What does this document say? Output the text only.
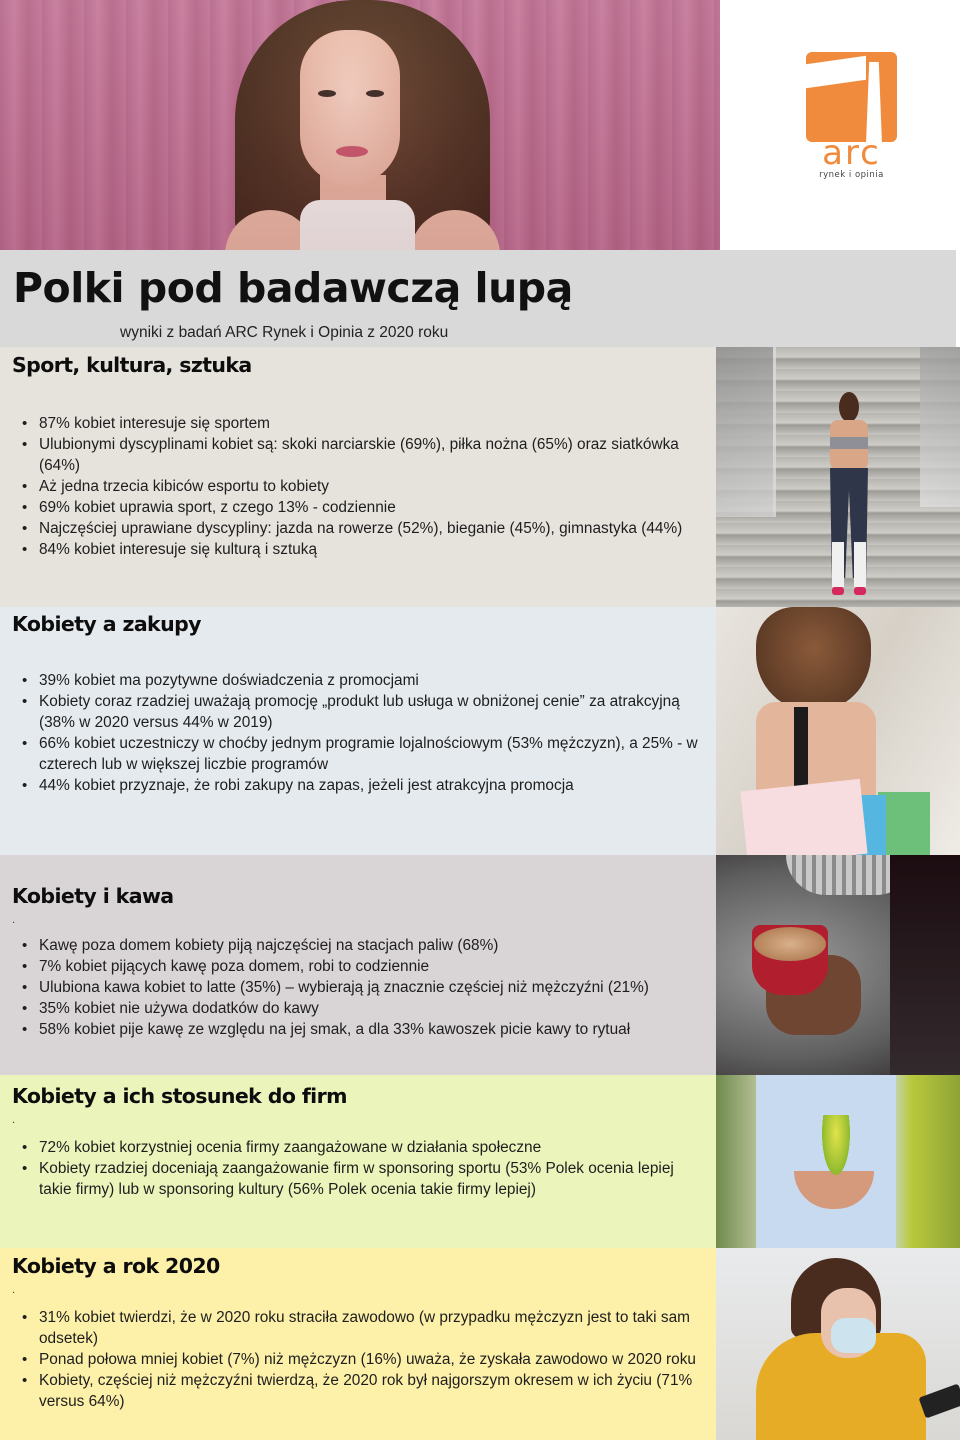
arc
rynek i opinia
Polki pod badawczą lupą
wyniki z badań ARC Rynek i Opinia z 2020 roku
Sport, kultura, sztuka
• 87% kobiet interesuje się sportem
• Ulubionymi dyscyplinami kobiet są: skoki narciarskie (69%), piłka nożna (65%) oraz siatkówka (64%)
• Aż jedna trzecia kibiców esportu to kobiety
• 69% kobiet uprawia sport, z czego 13% - codziennie
• Najczęściej uprawiane dyscypliny: jazda na rowerze (52%), bieganie (45%), gimnastyka (44%)
• 84% kobiet interesuje się kulturą i sztuką
Kobiety a zakupy
• 39% kobiet ma pozytywne doświadczenia z promocjami
• Kobiety coraz rzadziej uważają promocję „produkt lub usługa w obniżonej cenie” za atrakcyjną (38% w 2020 versus 44% w 2019)
• 66% kobiet uczestniczy w choćby jednym programie lojalnościowym (53% mężczyzn), a 25% - w czterech lub w większej liczbie programów
• 44% kobiet przyznaje, że robi zakupy na zapas, jeżeli jest atrakcyjna promocja
Kobiety i kawa
.
• Kawę poza domem kobiety piją najczęściej na stacjach paliw (68%)
• 7% kobiet pijących kawę poza domem, robi to codziennie
• Ulubiona kawa kobiet to latte (35%) – wybierają ją znacznie częściej niż mężczyźni (21%)
• 35% kobiet nie używa dodatków do kawy
• 58% kobiet pije kawę ze względu na jej smak, a dla 33% kawoszek picie kawy to rytuał
Kobiety a ich stosunek do firm
.
• 72% kobiet korzystniej ocenia firmy zaangażowane w działania społeczne
• Kobiety rzadziej doceniają zaangażowanie firm w sponsoring sportu (53% Polek ocenia lepiej takie firmy) lub w sponsoring kultury (56% Polek ocenia takie firmy lepiej)
Kobiety a rok 2020
.
• 31% kobiet twierdzi, że w 2020 roku straciła zawodowo (w przypadku mężczyzn jest to taki sam odsetek)
• Ponad połowa mniej kobiet (7%) niż mężczyzn (16%) uważa, że zyskała zawodowo w 2020 roku
• Kobiety, częściej niż mężczyźni twierdzą, że 2020 rok był najgorszym okresem w ich życiu (71% versus 64%)
